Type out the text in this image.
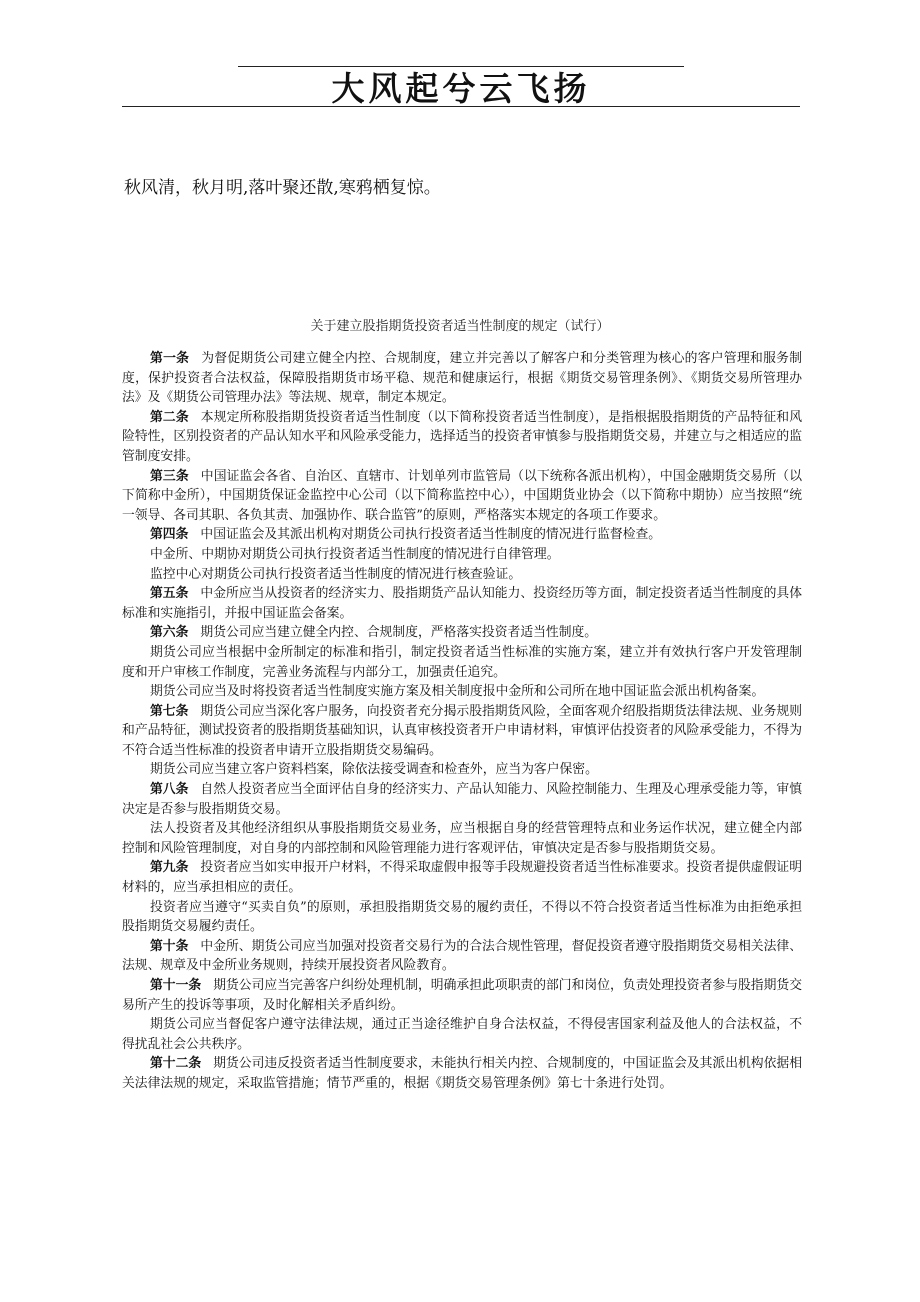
大风起兮云飞扬
秋风清，秋月明,落叶聚还散,寒鸦栖复惊。
关于建立股指期货投资者适当性制度的规定（试行）

第一条 为督促期货公司建立健全内控、合规制度，建立并完善以了解客户和分类管理为核心的客户管理和服务制度，保护投资者合法权益，保障股指期货市场平稳、规范和健康运行，根据《期货交易管理条例》、《期货交易所管理办法》及《期货公司管理办法》等法规、规章，制定本规定。

第二条 本规定所称股指期货投资者适当性制度（以下简称投资者适当性制度），是指根据股指期货的产品特征和风险特性，区别投资者的产品认知水平和风险承受能力，选择适当的投资者审慎参与股指期货交易，并建立与之相适应的监管制度安排。

第三条 中国证监会各省、自治区、直辖市、计划单列市监管局（以下统称各派出机构），中国金融期货交易所（以下简称中金所），中国期货保证金监控中心公司（以下简称监控中心），中国期货业协会（以下简称中期协）应当按照“统一领导、各司其职、各负其责、加强协作、联合监管”的原则，严格落实本规定的各项工作要求。

第四条 中国证监会及其派出机构对期货公司执行投资者适当性制度的情况进行监督检查。

中金所、中期协对期货公司执行投资者适当性制度的情况进行自律管理。

监控中心对期货公司执行投资者适当性制度的情况进行核查验证。

第五条 中金所应当从投资者的经济实力、股指期货产品认知能力、投资经历等方面，制定投资者适当性制度的具体标准和实施指引，并报中国证监会备案。

第六条 期货公司应当建立健全内控、合规制度，严格落实投资者适当性制度。

期货公司应当根据中金所制定的标准和指引，制定投资者适当性标准的实施方案，建立并有效执行客户开发管理制度和开户审核工作制度，完善业务流程与内部分工，加强责任追究。

期货公司应当及时将投资者适当性制度实施方案及相关制度报中金所和公司所在地中国证监会派出机构备案。

第七条 期货公司应当深化客户服务，向投资者充分揭示股指期货风险，全面客观介绍股指期货法律法规、业务规则和产品特征，测试投资者的股指期货基础知识，认真审核投资者开户申请材料，审慎评估投资者的风险承受能力，不得为不符合适当性标准的投资者申请开立股指期货交易编码。

期货公司应当建立客户资料档案，除依法接受调查和检查外，应当为客户保密。

第八条 自然人投资者应当全面评估自身的经济实力、产品认知能力、风险控制能力、生理及心理承受能力等，审慎决定是否参与股指期货交易。

法人投资者及其他经济组织从事股指期货交易业务，应当根据自身的经营管理特点和业务运作状况，建立健全内部控制和风险管理制度，对自身的内部控制和风险管理能力进行客观评估，审慎决定是否参与股指期货交易。

第九条 投资者应当如实申报开户材料，不得采取虚假申报等手段规避投资者适当性标准要求。投资者提供虚假证明材料的，应当承担相应的责任。

投资者应当遵守“买卖自负”的原则，承担股指期货交易的履约责任，不得以不符合投资者适当性标准为由拒绝承担股指期货交易履约责任。

第十条 中金所、期货公司应当加强对投资者交易行为的合法合规性管理，督促投资者遵守股指期货交易相关法律、法规、规章及中金所业务规则，持续开展投资者风险教育。

第十一条 期货公司应当完善客户纠纷处理机制，明确承担此项职责的部门和岗位，负责处理投资者参与股指期货交易所产生的投诉等事项，及时化解相关矛盾纠纷。

期货公司应当督促客户遵守法律法规，通过正当途径维护自身合法权益，不得侵害国家利益及他人的合法权益，不得扰乱社会公共秩序。

第十二条 期货公司违反投资者适当性制度要求，未能执行相关内控、合规制度的，中国证监会及其派出机构依据相关法律法规的规定，采取监管措施；情节严重的，根据《期货交易管理条例》第七十条进行处罚。
